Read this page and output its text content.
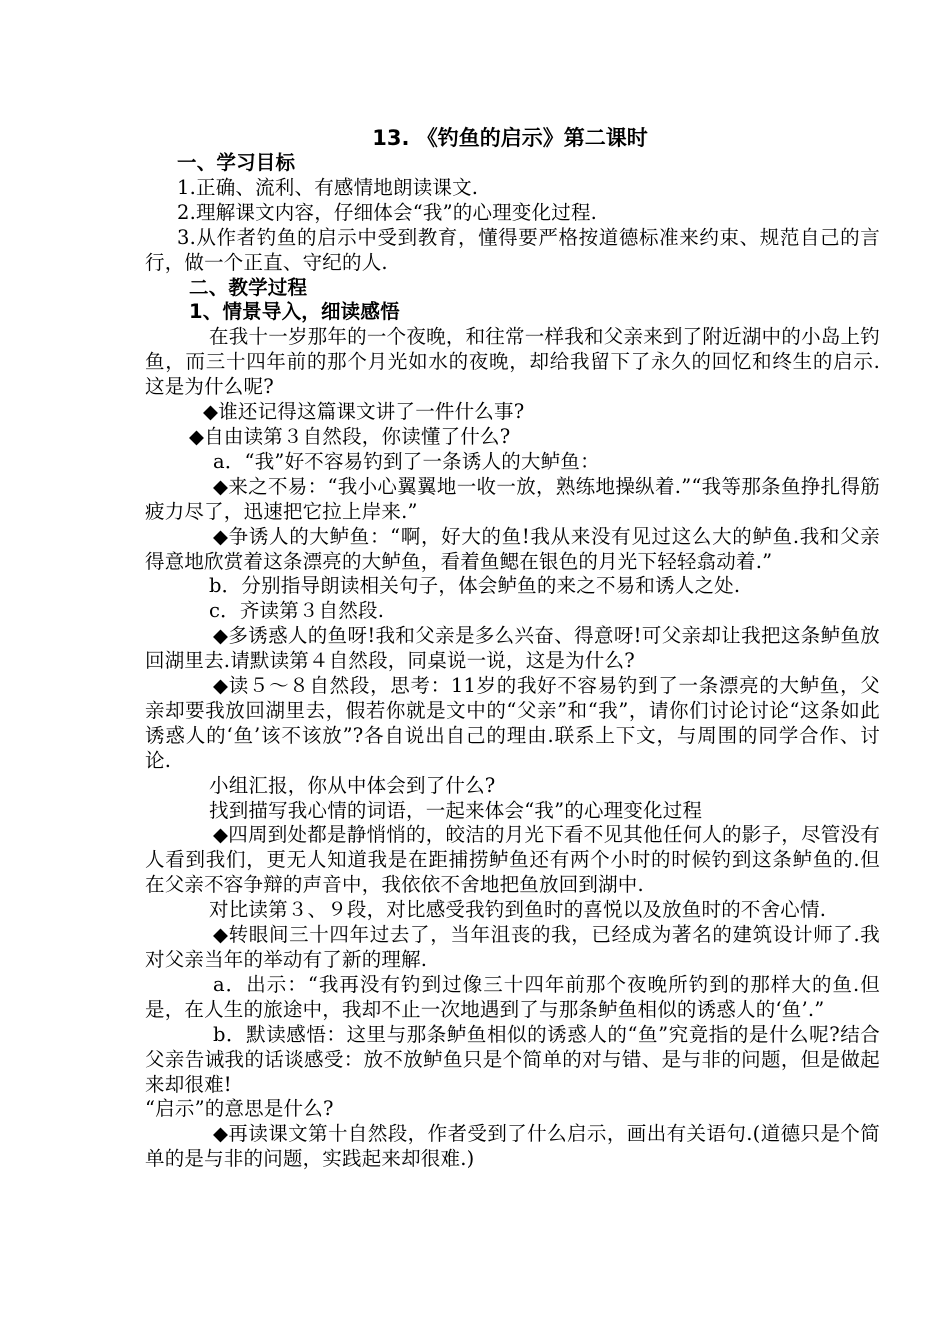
13. 《钓鱼的启示》第二课时

一、学习目标

1.正确、流利、有感情地朗读课文.

2.理解课文内容，仔细体会“我”的心理变化过程.

3.从作者钓鱼的启示中受到教育，懂得要严格按道德标准来约束、规范自己的言行，做一个正直、守纪的人.

二、教学过程

1、情景导入，细读感悟

在我十一岁那年的一个夜晚，和往常一样我和父亲来到了附近湖中的小岛上钓鱼，而三十四年前的那个月光如水的夜晚，却给我留下了永久的回忆和终生的启示.这是为什么呢?

◆谁还记得这篇课文讲了一件什么事?

◆自由读第３自然段，你读懂了什么?

a．“我”好不容易钓到了一条诱人的大鲈鱼：

◆来之不易：“我小心翼翼地一收一放，熟练地操纵着.”“我等那条鱼挣扎得筋疲力尽了，迅速把它拉上岸来.”

◆争诱人的大鲈鱼：“啊，好大的鱼!我从来没有见过这么大的鲈鱼.我和父亲得意地欣赏着这条漂亮的大鲈鱼，看着鱼鳃在银色的月光下轻轻翕动着.”

b．分别指导朗读相关句子，体会鲈鱼的来之不易和诱人之处.

c．齐读第３自然段.

◆多诱惑人的鱼呀!我和父亲是多么兴奋、得意呀!可父亲却让我把这条鲈鱼放回湖里去.请默读第４自然段，同桌说一说，这是为什么?

◆读５～８自然段，思考：11岁的我好不容易钓到了一条漂亮的大鲈鱼，父亲却要我放回湖里去，假若你就是文中的“父亲”和“我”，请你们讨论讨论“这条如此诱惑人的‘鱼’该不该放”?各自说出自己的理由.联系上下文，与周围的同学合作、讨论.

小组汇报，你从中体会到了什么?

找到描写我心情的词语，一起来体会“我”的心理变化过程

◆四周到处都是静悄悄的，皎洁的月光下看不见其他任何人的影子，尽管没有人看到我们，更无人知道我是在距捕捞鲈鱼还有两个小时的时候钓到这条鲈鱼的.但在父亲不容争辩的声音中，我依依不舍地把鱼放回到湖中.

对比读第３、９段，对比感受我钓到鱼时的喜悦以及放鱼时的不舍心情.

◆转眼间三十四年过去了，当年沮丧的我，已经成为著名的建筑设计师了.我对父亲当年的举动有了新的理解.

a．出示：“我再没有钓到过像三十四年前那个夜晚所钓到的那样大的鱼.但是，在人生的旅途中，我却不止一次地遇到了与那条鲈鱼相似的诱惑人的‘鱼’.”

b．默读感悟：这里与那条鲈鱼相似的诱惑人的“鱼”究竟指的是什么呢?结合父亲告诫我的话谈感受：放不放鲈鱼只是个简单的对与错、是与非的问题，但是做起来却很难!

“启示”的意思是什么?

◆再读课文第十自然段，作者受到了什么启示，画出有关语句.(道德只是个简单的是与非的问题，实践起来却很难.)
